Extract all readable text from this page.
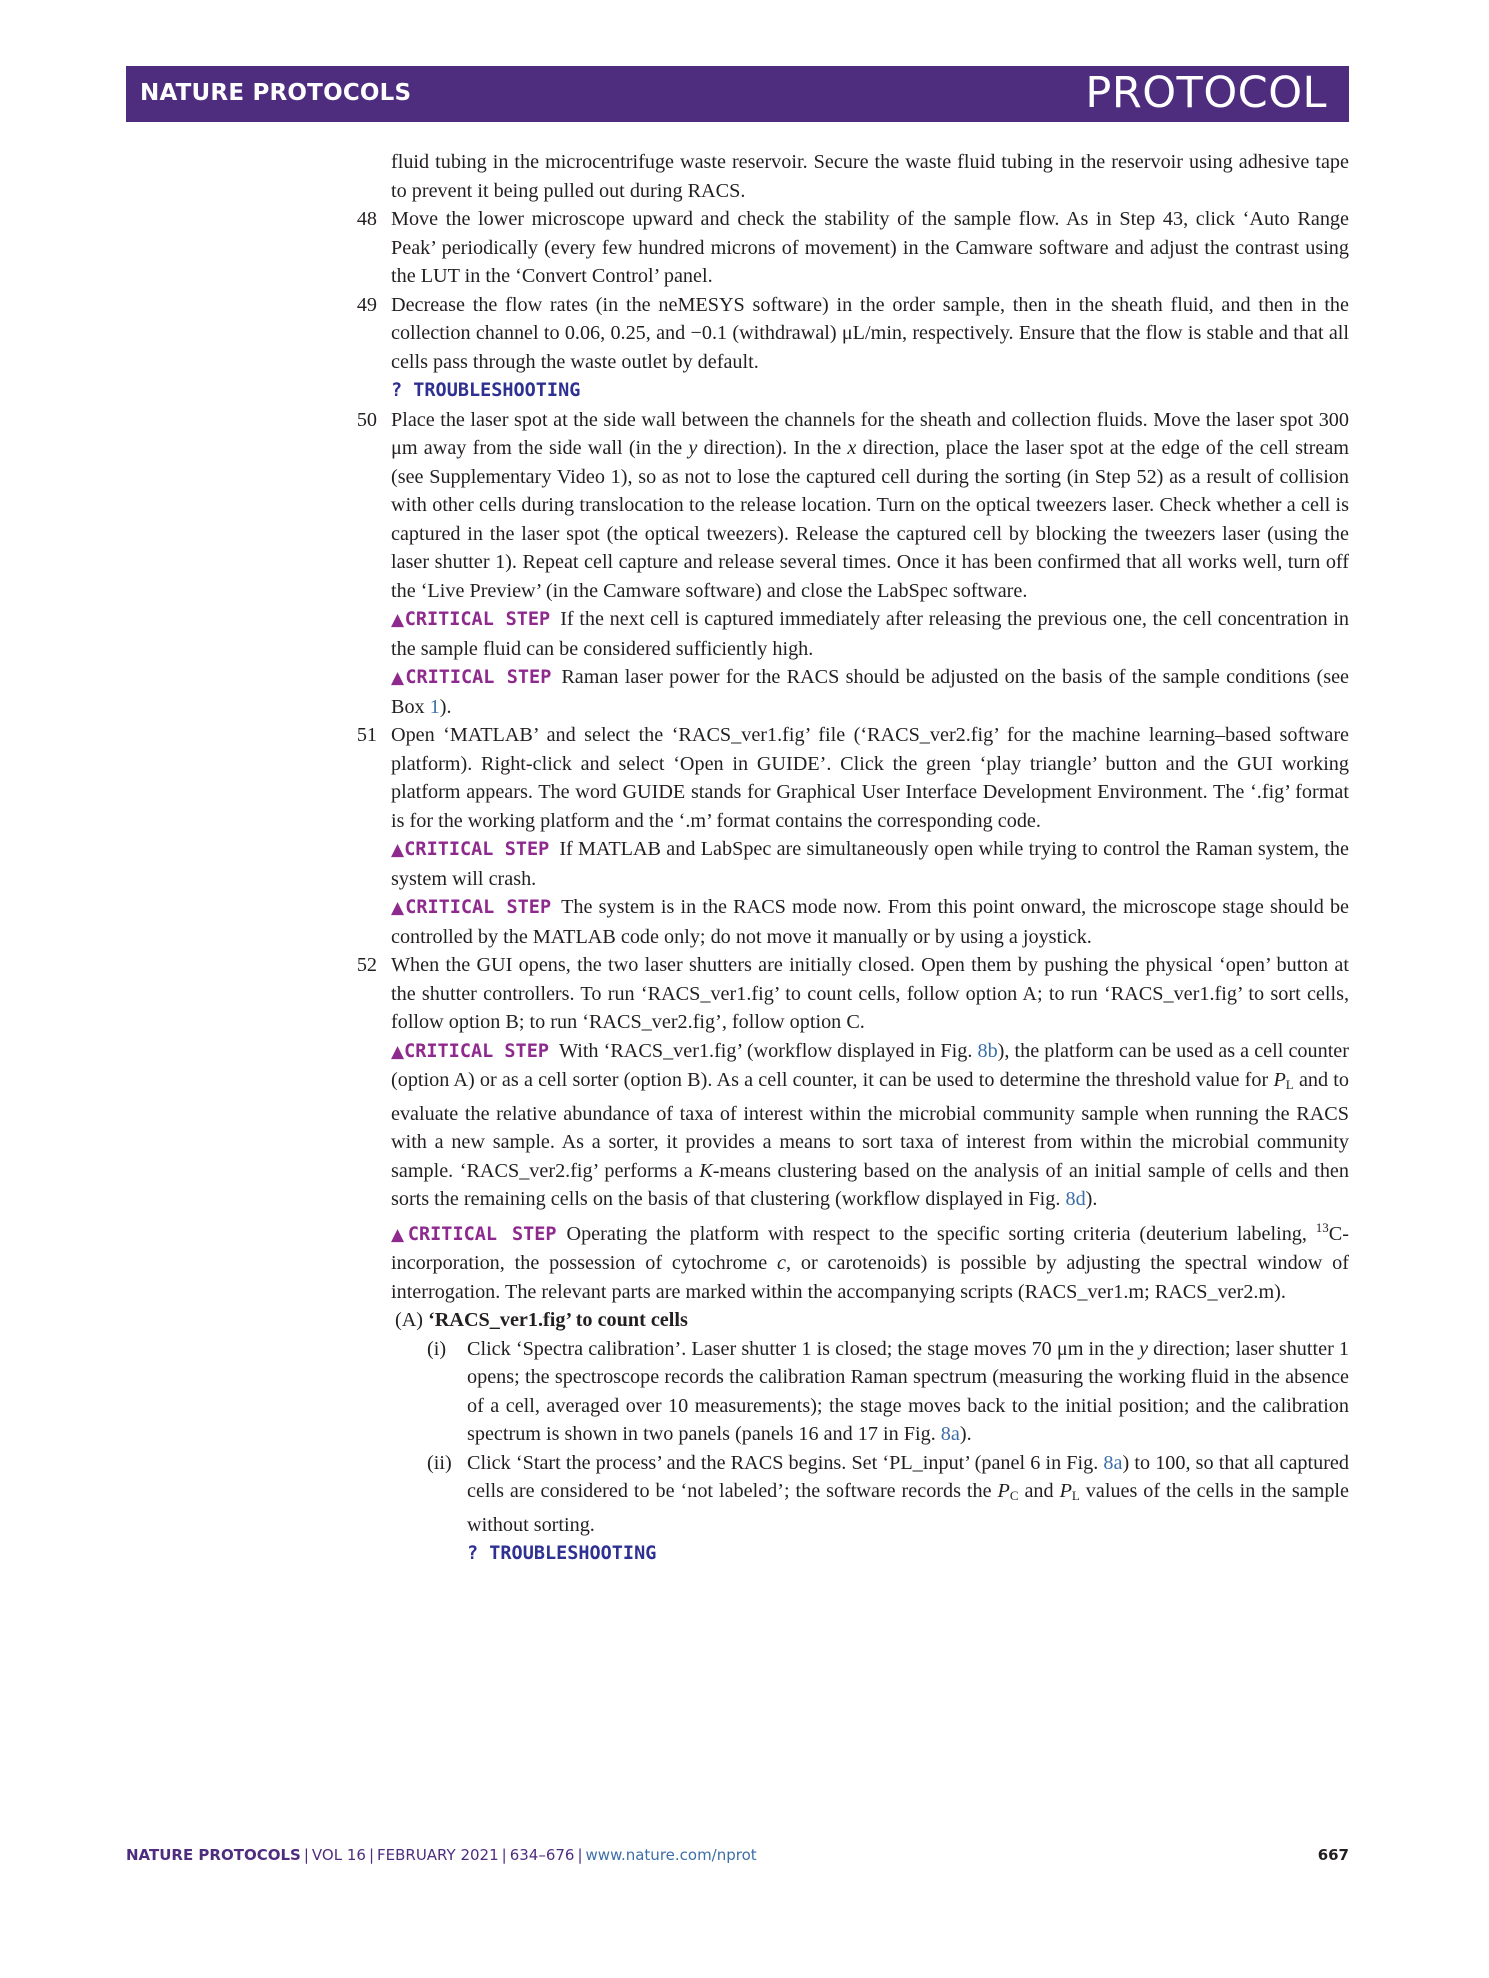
NATURE PROTOCOLS	PROTOCOL

fluid tubing in the microcentrifuge waste reservoir. Secure the waste fluid tubing in the reservoir using adhesive tape to prevent it being pulled out during RACS.

48 Move the lower microscope upward and check the stability of the sample flow. As in Step 43, click ‘Auto Range Peak’ periodically (every few hundred microns of movement) in the Camware software and adjust the contrast using the LUT in the ‘Convert Control’ panel.

49 Decrease the flow rates (in the neMESYS software) in the order sample, then in the sheath fluid, and then in the collection channel to 0.06, 0.25, and −0.1 (withdrawal) μL/min, respectively. Ensure that the flow is stable and that all cells pass through the waste outlet by default.

? TROUBLESHOOTING

50 Place the laser spot at the side wall between the channels for the sheath and collection fluids. Move the laser spot 300 μm away from the side wall (in the y direction). In the x direction, place the laser spot at the edge of the cell stream (see Supplementary Video 1), so as not to lose the captured cell during the sorting (in Step 52) as a result of collision with other cells during translocation to the release location. Turn on the optical tweezers laser. Check whether a cell is captured in the laser spot (the optical tweezers). Release the captured cell by blocking the tweezers laser (using the laser shutter 1). Repeat cell capture and release several times. Once it has been confirmed that all works well, turn off the ‘Live Preview’ (in the Camware software) and close the LabSpec software.

▲CRITICAL STEP If the next cell is captured immediately after releasing the previous one, the cell concentration in the sample fluid can be considered sufficiently high.

▲CRITICAL STEP Raman laser power for the RACS should be adjusted on the basis of the sample conditions (see Box 1).

51 Open ‘MATLAB’ and select the ‘RACS_ver1.fig’ file (‘RACS_ver2.fig’ for the machine learning–based software platform). Right-click and select ‘Open in GUIDE’. Click the green ‘play triangle’ button and the GUI working platform appears. The word GUIDE stands for Graphical User Interface Development Environment. The ‘.fig’ format is for the working platform and the ‘.m’ format contains the corresponding code.

▲CRITICAL STEP If MATLAB and LabSpec are simultaneously open while trying to control the Raman system, the system will crash.

▲CRITICAL STEP The system is in the RACS mode now. From this point onward, the microscope stage should be controlled by the MATLAB code only; do not move it manually or by using a joystick.

52 When the GUI opens, the two laser shutters are initially closed. Open them by pushing the physical ‘open’ button at the shutter controllers. To run ‘RACS_ver1.fig’ to count cells, follow option A; to run ‘RACS_ver1.fig’ to sort cells, follow option B; to run ‘RACS_ver2.fig’, follow option C.

▲CRITICAL STEP With ‘RACS_ver1.fig’ (workflow displayed in Fig. 8b), the platform can be used as a cell counter (option A) or as a cell sorter (option B). As a cell counter, it can be used to determine the threshold value for $P_L$ and to evaluate the relative abundance of taxa of interest within the microbial community sample when running the RACS with a new sample. As a sorter, it provides a means to sort taxa of interest from within the microbial community sample. ‘RACS_ver2.fig’ performs a K-means clustering based on the analysis of an initial sample of cells and then sorts the remaining cells on the basis of that clustering (workflow displayed in Fig. 8d).

▲CRITICAL STEP Operating the platform with respect to the specific sorting criteria (deuterium labeling, $^{13}$C-incorporation, the possession of cytochrome c, or carotenoids) is possible by adjusting the spectral window of interrogation. The relevant parts are marked within the accompanying scripts (RACS_ver1.m; RACS_ver2.m).

(A) ‘RACS_ver1.fig’ to count cells

(i) Click ‘Spectra calibration’. Laser shutter 1 is closed; the stage moves 70 μm in the y direction; laser shutter 1 opens; the spectroscope records the calibration Raman spectrum (measuring the working fluid in the absence of a cell, averaged over 10 measurements); the stage moves back to the initial position; and the calibration spectrum is shown in two panels (panels 16 and 17 in Fig. 8a).

(ii) Click ‘Start the process’ and the RACS begins. Set ‘PL_input’ (panel 6 in Fig. 8a) to 100, so that all captured cells are considered to be ‘not labeled’; the software records the $P_C$ and $P_L$ values of the cells in the sample without sorting.

? TROUBLESHOOTING

NATURE PROTOCOLS | VOL 16 | FEBRUARY 2021 | 634–676 | www.nature.com/nprot	667
